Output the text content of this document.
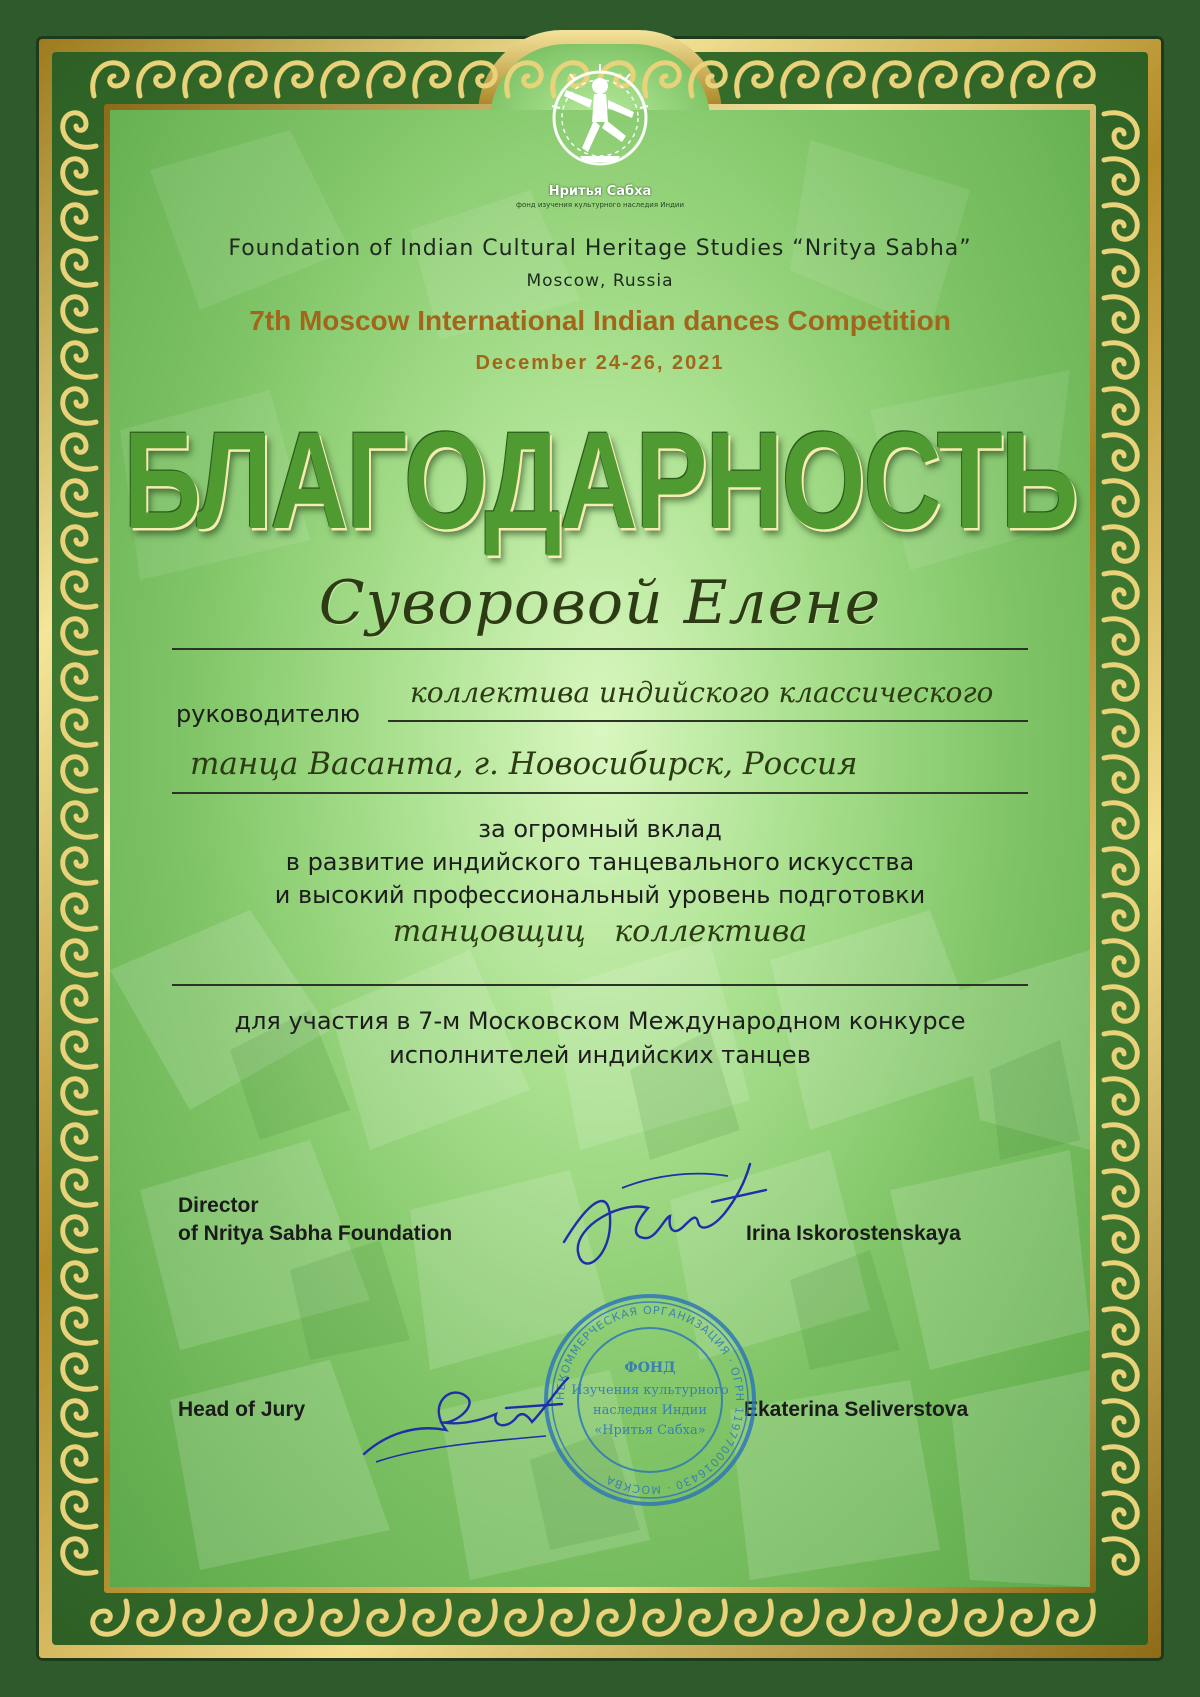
Нритья Сабха
фонд изучения культурного наследия Индии
Foundation of Indian Cultural Heritage Studies “Nritya Sabha”
Moscow, Russia
7th Moscow International Indian dances Competition
December 24-26, 2021
БЛАГОДАРНОСТЬ
Суворовой Елене
руководителю
коллектива индийского классического
танца Васанта, г. Новосибирск, Россия
за огромный вклад
в развитие индийского танцевального искусства
и высокий профессиональный уровень подготовки
танцовщиц   коллектива
для участия в 7-м Московском Международном конкурсе
исполнителей индийских танцев
Director
of Nritya Sabha Foundation	Irina Iskorostenskaya
Head of Jury	Ekaterina Seliverstova
НЕКОММЕРЧЕСКАЯ ОРГАНИЗАЦИЯ · ОГРН 1197700016430 · МОСКВА
ФОНД
Изучения культурного
наследия Индии
«Нритья Сабха»
